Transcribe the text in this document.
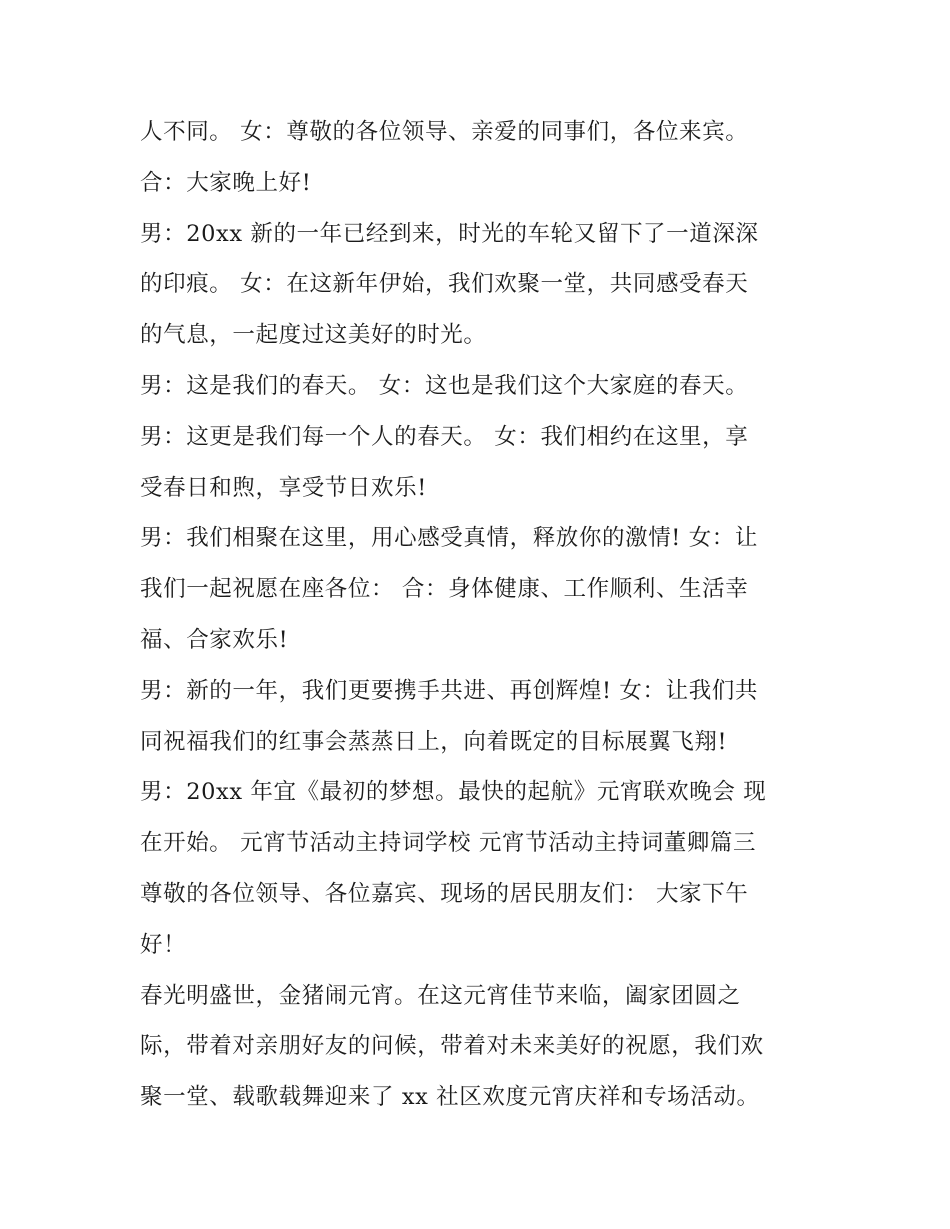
人不同。 女：尊敬的各位领导、亲爱的同事们，各位来宾。
合：大家晚上好!
男：20xx 新的一年已经到来，时光的车轮又留下了一道深深
的印痕。 女：在这新年伊始，我们欢聚一堂，共同感受春天
的气息，一起度过这美好的时光。
男：这是我们的春天。 女：这也是我们这个大家庭的春天。
男：这更是我们每一个人的春天。 女：我们相约在这里，享
受春日和煦，享受节日欢乐!
男：我们相聚在这里，用心感受真情，释放你的激情! 女：让
我们一起祝愿在座各位： 合：身体健康、工作顺利、生活幸
福、合家欢乐!
男：新的一年，我们更要携手共进、再创辉煌! 女：让我们共
同祝福我们的红事会蒸蒸日上，向着既定的目标展翼飞翔!
男：20xx 年宜《最初的梦想。最快的起航》元宵联欢晚会 现
在开始。 元宵节活动主持词学校 元宵节活动主持词董卿篇三
尊敬的各位领导、各位嘉宾、现场的居民朋友们： 大家下午
好！
春光明盛世，金猪闹元宵。在这元宵佳节来临，阖家团圆之
际，带着对亲朋好友的问候，带着对未来美好的祝愿，我们欢
聚一堂、载歌载舞迎来了 xx 社区欢度元宵庆祥和专场活动。
